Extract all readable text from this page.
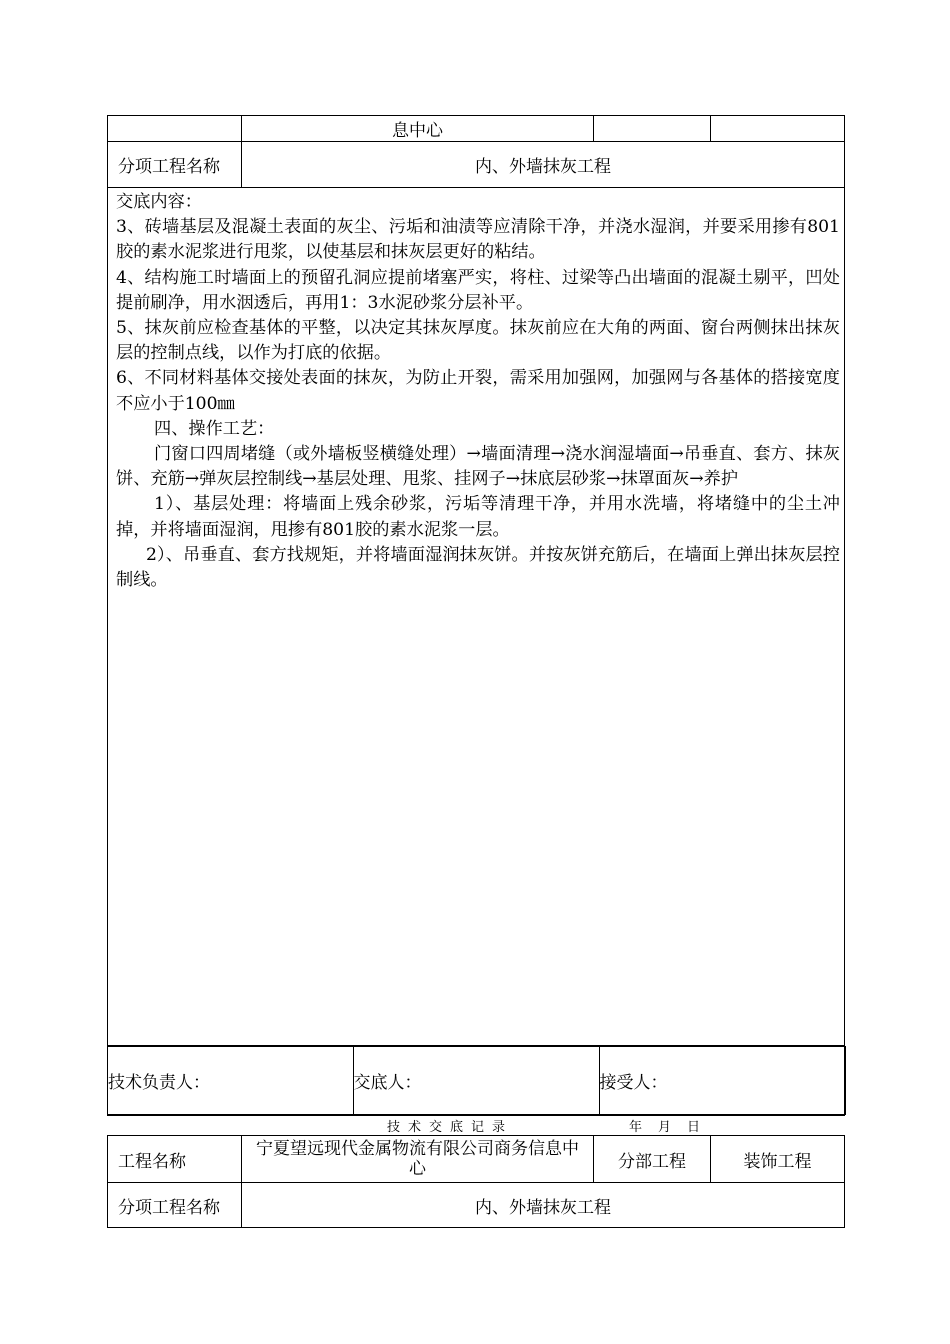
	息中心		
分项工程名称	内、外墙抹灰工程

交底内容：

3、砖墙基层及混凝土表面的灰尘、污垢和油渍等应清除干净，并浇水湿润，并要采用掺有801胶的素水泥浆进行甩浆，以使基层和抹灰层更好的粘结。

4、结构施工时墙面上的预留孔洞应提前堵塞严实，将柱、过梁等凸出墙面的混凝土剔平，凹处提前刷净，用水洇透后，再用1：3水泥砂浆分层补平。

5、抹灰前应检查基体的平整，以决定其抹灰厚度。抹灰前应在大角的两面、窗台两侧抹出抹灰层的控制点线，以作为打底的依据。

6、不同材料基体交接处表面的抹灰，为防止开裂，需采用加强网，加强网与各基体的搭接宽度不应小于100㎜

四、操作工艺：

门窗口四周堵缝（或外墙板竖横缝处理）→墙面清理→浇水润湿墙面→吊垂直、套方、抹灰饼、充筋→弹灰层控制线→基层处理、甩浆、挂网子→抹底层砂浆→抹罩面灰→养护

1）、基层处理：将墙面上残余砂浆，污垢等清理干净，并用水洗墙，将堵缝中的尘土冲掉，并将墙面湿润，甩掺有801胶的素水泥浆一层。

2）、吊垂直、套方找规矩，并将墙面湿润抹灰饼。并按灰饼充筋后，在墙面上弹出抹灰层控制线。

技术负责人：	交底人：	接受人：
技术交底记录	年月日
工程名称	宁夏望远现代金属物流有限公司商务信息中心	分部工程	装饰工程
分项工程名称	内、外墙抹灰工程		
